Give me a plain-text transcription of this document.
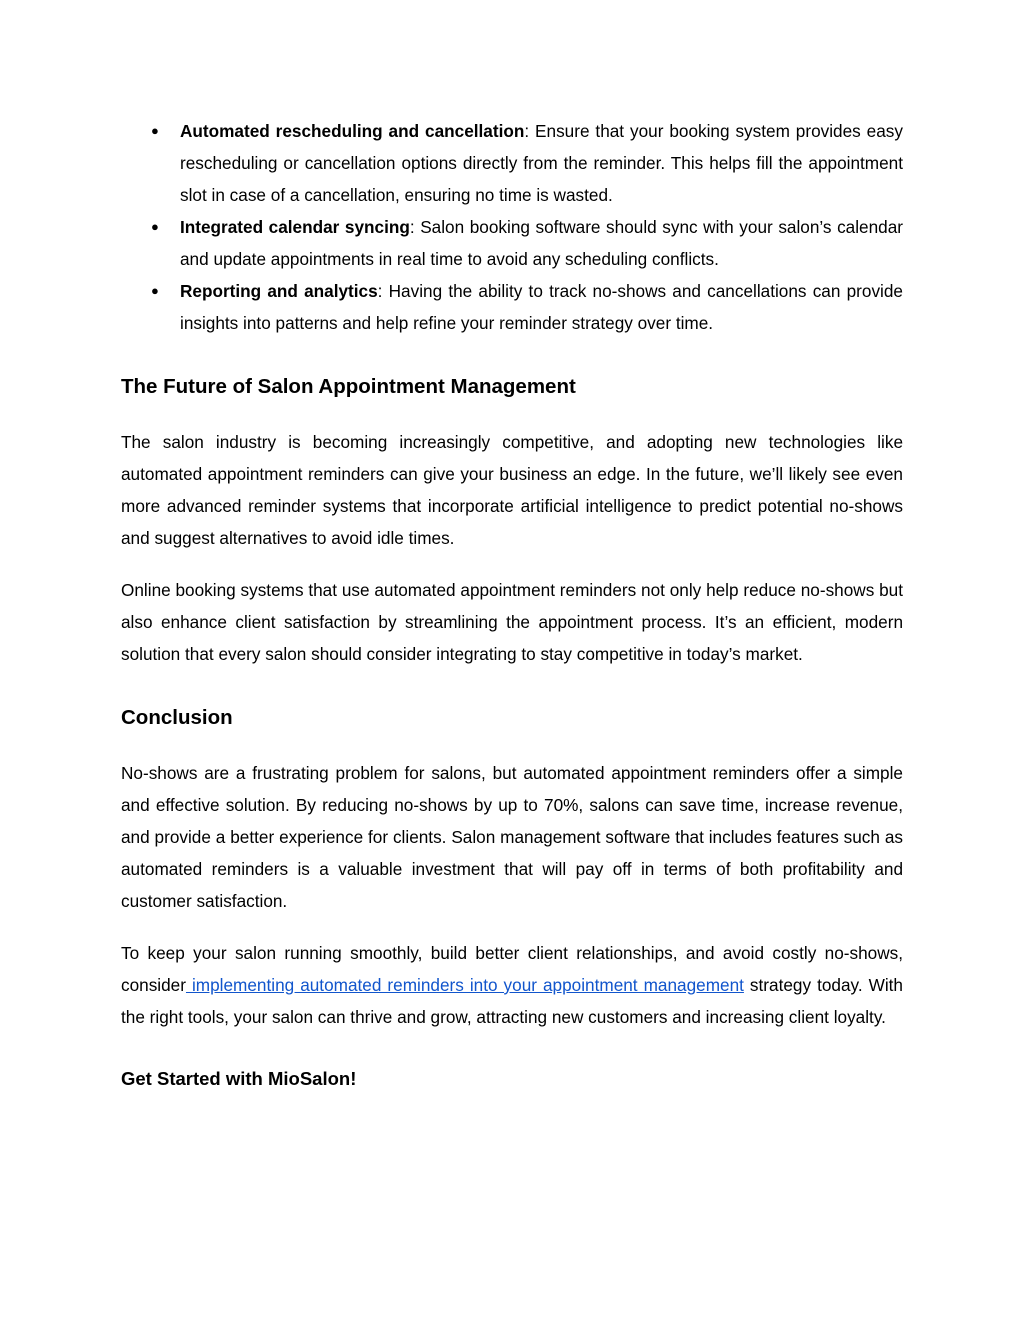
● Automated rescheduling and cancellation: Ensure that your booking system provides easy rescheduling or cancellation options directly from the reminder. This helps fill the appointment slot in case of a cancellation, ensuring no time is wasted.
● Integrated calendar syncing: Salon booking software should sync with your salon’s calendar and update appointments in real time to avoid any scheduling conflicts.
● Reporting and analytics: Having the ability to track no-shows and cancellations can provide insights into patterns and help refine your reminder strategy over time.
The Future of Salon Appointment Management

The salon industry is becoming increasingly competitive, and adopting new technologies like automated appointment reminders can give your business an edge. In the future, we’ll likely see even more advanced reminder systems that incorporate artificial intelligence to predict potential no-shows and suggest alternatives to avoid idle times.

Online booking systems that use automated appointment reminders not only help reduce no-shows but also enhance client satisfaction by streamlining the appointment process. It’s an efficient, modern solution that every salon should consider integrating to stay competitive in today’s market.

Conclusion

No-shows are a frustrating problem for salons, but automated appointment reminders offer a simple and effective solution. By reducing no-shows by up to 70%, salons can save time, increase revenue, and provide a better experience for clients. Salon management software that includes features such as automated reminders is a valuable investment that will pay off in terms of both profitability and customer satisfaction.

To keep your salon running smoothly, build better client relationships, and avoid costly no-shows, consider implementing automated reminders into your appointment management strategy today. With the right tools, your salon can thrive and grow, attracting new customers and increasing client loyalty.

Get Started with MioSalon!
